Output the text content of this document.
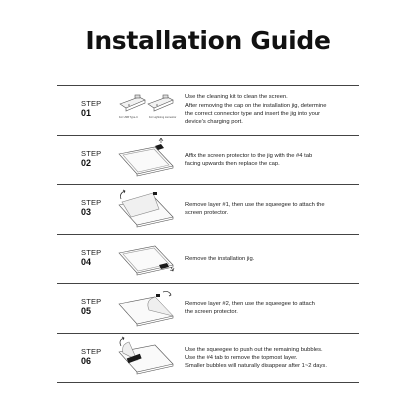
Installation Guide
STEP
01	For USB Type-C	For Lightning connector
Use the cleaning kit to clean the screen.
After removing the cap on the installation jig, determine
the correct connector type and insert the jig into your
device's charging port.
STEP
02
Affix the screen protector to the jig with the #4 tab
facing upwards then replace the cap.
STEP
03
Remove layer #1, then use the squeegee to attach the
screen protector.
STEP
04	Remove the installation jig.
STEP
05
Remove layer #2, then use the squeegee to attach
the screen protector.
STEP
06
Use the squeegee to push out the remaining bubbles.
Use the #4 tab to remove the topmost layer.
Smaller bubbles will naturally disappear after 1~2 days.
